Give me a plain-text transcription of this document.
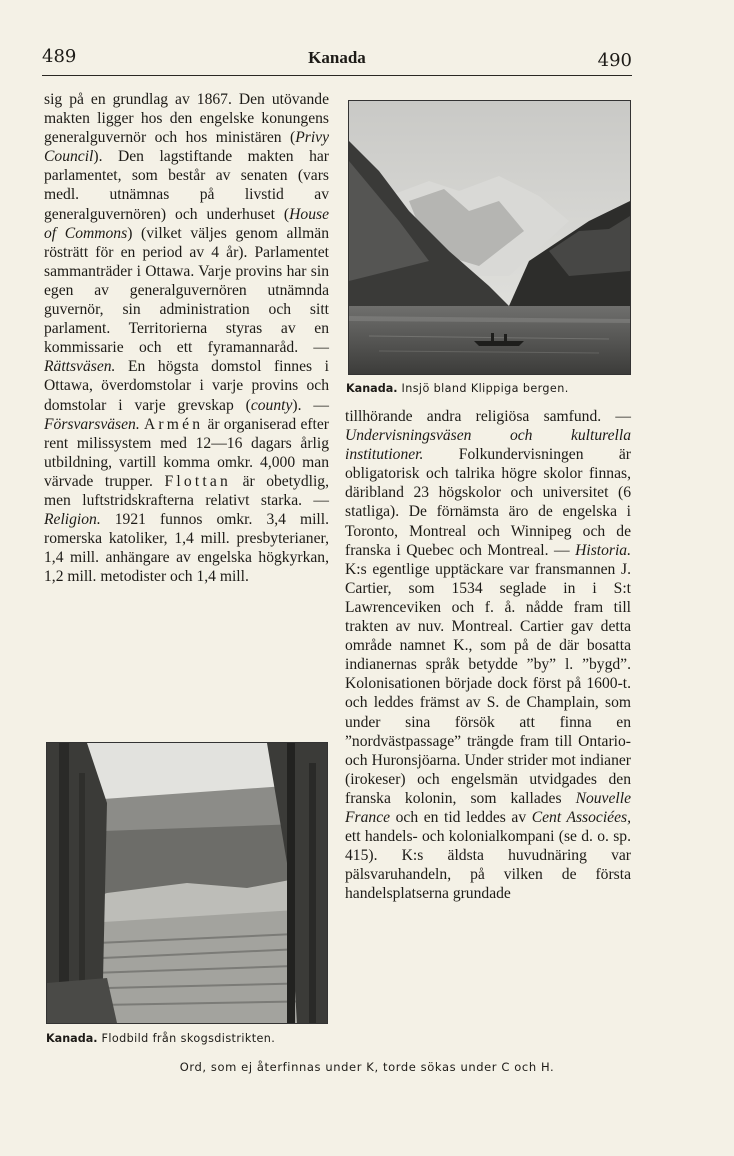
489	Kanada	490

sig på en grundlag av 1867. Den utövande makten ligger hos den engelske konungens generalguvernör och hos ministären (Privy Council). Den lagstiftande makten har parlamentet, som består av senaten (vars medl. utnämnas på livstid av generalguvernören) och underhuset (House of Commons) (vilket väljes genom allmän rösträtt för en period av 4 år). Parlamentet sammanträder i Ottawa. Varje provins har sin egen av generalguvernören utnämnda guvernör, sin administration och sitt parlament. Territorierna styras av en kommissarie och ett fyramannaråd. — Rättsväsen. En högsta domstol finnes i Ottawa, överdomstolar i varje provins och domstolar i varje grevskap (county). — Försvarsväsen. Armén är organiserad efter rent milissystem med 12—16 dagars årlig utbildning, vartill komma omkr. 4,000 man värvade trupper. Flottan är obetydlig, men luftstridskrafterna relativt starka. — Religion. 1921 funnos omkr. 3,4 mill. romerska katoliker, 1,4 mill. presbyterianer, 1,4 mill. anhängare av engelska högkyrkan, 1,2 mill. metodister och 1,4 mill.

Kanada. Insjö bland Klippiga bergen.

tillhörande andra religiösa samfund. — Undervisningsväsen och kulturella institutioner. Folkundervisningen är obligatorisk och talrika högre skolor finnas, däribland 23 högskolor och universitet (6 statliga). De förnämsta äro de engelska i Toronto, Montreal och Winnipeg och de franska i Quebec och Montreal. — Historia. K:s egentlige upptäckare var fransmannen J. Cartier, som 1534 seglade in i S:t Lawrenceviken och f. å. nådde fram till trakten av nuv. Montreal. Cartier gav detta område namnet K., som på de där bosatta indianernas språk betydde ”by” l. ”bygd”. Kolonisationen började dock först på 1600-t. och leddes främst av S. de Champlain, som under sina försök att finna en ”nordvästpassage” trängde fram till Ontario- och Huronsjöarna. Under strider mot indianer (irokeser) och engelsmän utvidgades den franska kolonin, som kallades Nouvelle France och en tid leddes av Cent Associées, ett handels- och kolonialkompani (se d. o. sp. 415). K:s äldsta huvudnäring var pälsvaruhandeln, på vilken de första handelsplatserna grundade

Kanada. Flodbild från skogsdistrikten.
Ord, som ej återfinnas under K, torde sökas under C och H.
